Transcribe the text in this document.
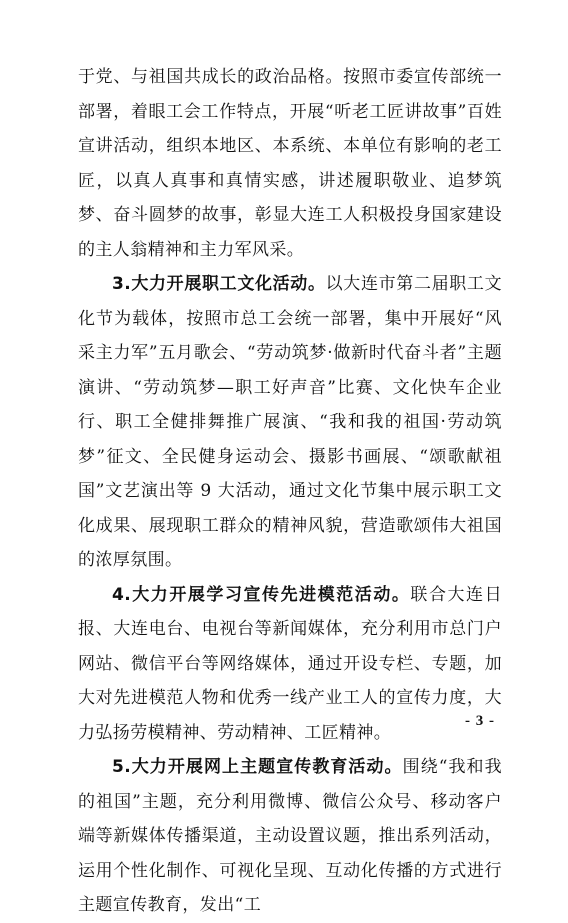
于党、与祖国共成长的政治品格。按照市委宣传部统一部署，着眼工会工作特点，开展“听老工匠讲故事”百姓宣讲活动，组织本地区、本系统、本单位有影响的老工匠，以真人真事和真情实感，讲述履职敬业、追梦筑梦、奋斗圆梦的故事，彰显大连工人积极投身国家建设的主人翁精神和主力军风采。

3.大力开展职工文化活动。以大连市第二届职工文化节为载体，按照市总工会统一部署，集中开展好“风采主力军”五月歌会、“劳动筑梦·做新时代奋斗者”主题演讲、“劳动筑梦—职工好声音”比赛、文化快车企业行、职工全健排舞推广展演、“我和我的祖国·劳动筑梦”征文、全民健身运动会、摄影书画展、“颂歌献祖国”文艺演出等 9 大活动，通过文化节集中展示职工文化成果、展现职工群众的精神风貌，营造歌颂伟大祖国的浓厚氛围。

4.大力开展学习宣传先进模范活动。联合大连日报、大连电台、电视台等新闻媒体，充分利用市总门户网站、微信平台等网络媒体，通过开设专栏、专题，加大对先进模范人物和优秀一线产业工人的宣传力度，大力弘扬劳模精神、劳动精神、工匠精神。

5.大力开展网上主题宣传教育活动。围绕“我和我的祖国”主题，充分利用微博、微信公众号、移动客户端等新媒体传播渠道，主动设置议题，推出系列活动，运用个性化制作、可视化呈现、互动化传播的方式进行主题宣传教育，发出“工

- 3 -
